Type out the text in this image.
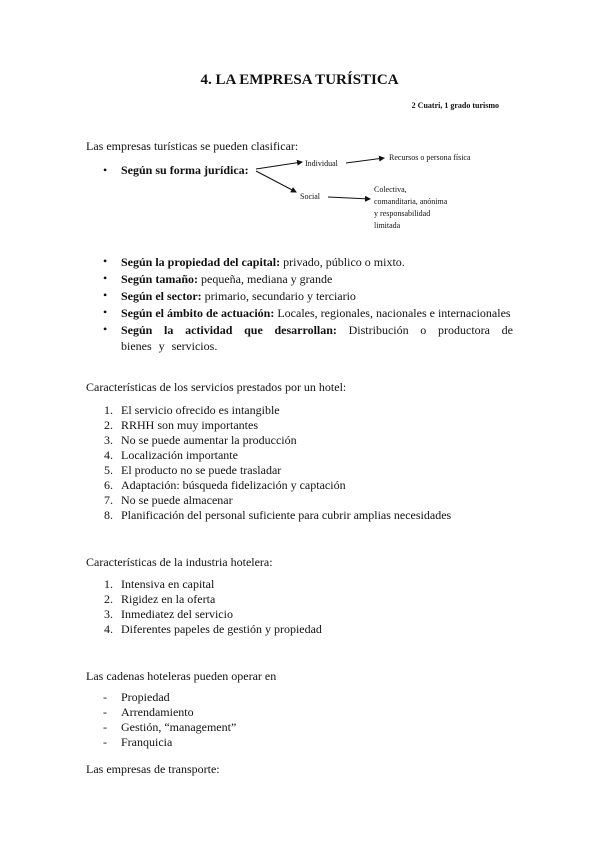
4. LA EMPRESA TURÍSTICA
2 Cuatri, 1 grado turismo
Las empresas turísticas se pueden clasificar:
• Según su forma jurídica:	Individual
Recursos o persona física
Social
Colectiva,
comanditaria, anónima
y responsabilidad
limitada
• Según la propiedad del capital: privado, público o mixto.
• Según tamaño: pequeña, mediana y grande
• Según el sector: primario, secundario y terciario
• Según el ámbito de actuación: Locales, regionales, nacionales e internacionales
• Según la actividad que desarrollan: Distribución o productora de bienes y servicios.
Características de los servicios prestados por un hotel:
1. El servicio ofrecido es intangible
2. RRHH son muy importantes
3. No se puede aumentar la producción
4. Localización importante
5. El producto no se puede trasladar
6. Adaptación: búsqueda fidelización y captación
7. No se puede almacenar
8. Planificación del personal suficiente para cubrir amplias necesidades
Características de la industria hotelera:
1. Intensiva en capital
2. Rigidez en la oferta
3. Inmediatez del servicio
4. Diferentes papeles de gestión y propiedad
Las cadenas hoteleras pueden operar en
- Propiedad
- Arrendamiento
- Gestión, “management”
- Franquicia
Las empresas de transporte:
